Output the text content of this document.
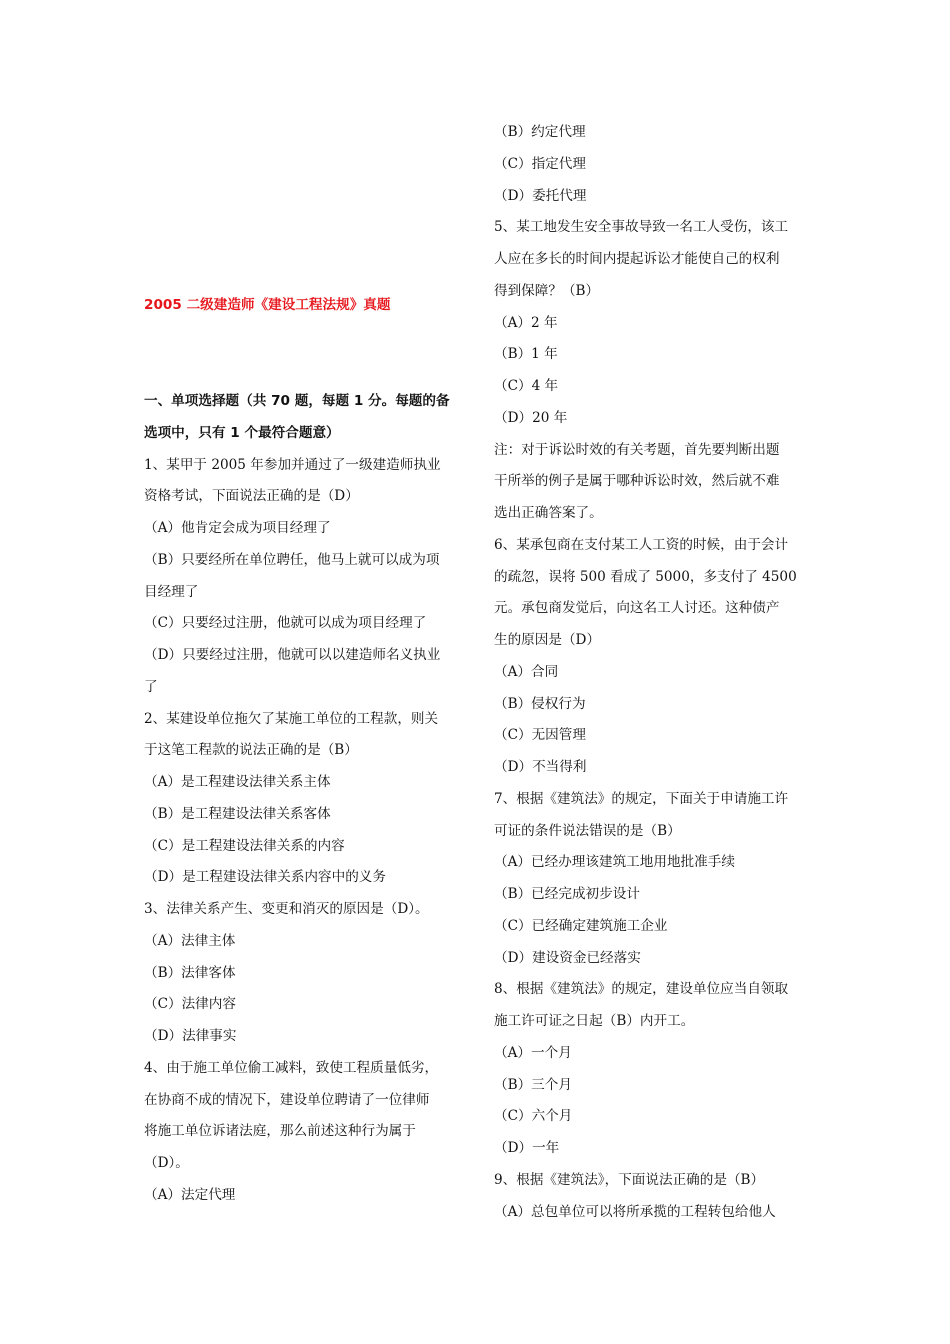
2005 二级建造师《建设工程法规》真题
一、单项选择题（共 70 题，每题 1 分。每题的备
选项中，只有 1 个最符合题意）
1、某甲于 2005 年参加并通过了一级建造师执业
资格考试，下面说法正确的是（D）
（A）他肯定会成为项目经理了
（B）只要经所在单位聘任，他马上就可以成为项
目经理了
（C）只要经过注册，他就可以成为项目经理了
（D）只要经过注册，他就可以以建造师名义执业
了
2、某建设单位拖欠了某施工单位的工程款，则关
于这笔工程款的说法正确的是（B）
（A）是工程建设法律关系主体
（B）是工程建设法律关系客体
（C）是工程建设法律关系的内容
（D）是工程建设法律关系内容中的义务
3、法律关系产生、变更和消灭的原因是（D）。
（A）法律主体
（B）法律客体
（C）法律内容
（D）法律事实
4、由于施工单位偷工减料，致使工程质量低劣，
在协商不成的情况下，建设单位聘请了一位律师
将施工单位诉诸法庭，那么前述这种行为属于
（D）。
（A）法定代理
（B）约定代理
（C）指定代理
（D）委托代理
5、某工地发生安全事故导致一名工人受伤，该工
人应在多长的时间内提起诉讼才能使自己的权利
得到保障？（B）
（A）2 年
（B）1 年
（C）4 年
（D）20 年
注：对于诉讼时效的有关考题，首先要判断出题
干所举的例子是属于哪种诉讼时效，然后就不难
选出正确答案了。
6、某承包商在支付某工人工资的时候，由于会计
的疏忽，误将 500 看成了 5000，多支付了 4500
元。承包商发觉后，向这名工人讨还。这种债产
生的原因是（D）
（A）合同
（B）侵权行为
（C）无因管理
（D）不当得利
7、根据《建筑法》的规定，下面关于申请施工许
可证的条件说法错误的是（B）
（A）已经办理该建筑工地用地批准手续
（B）已经完成初步设计
（C）已经确定建筑施工企业
（D）建设资金已经落实
8、根据《建筑法》的规定，建设单位应当自领取
施工许可证之日起（B）内开工。
（A）一个月
（B）三个月
（C）六个月
（D）一年
9、根据《建筑法》，下面说法正确的是（B）
（A）总包单位可以将所承揽的工程转包给他人
